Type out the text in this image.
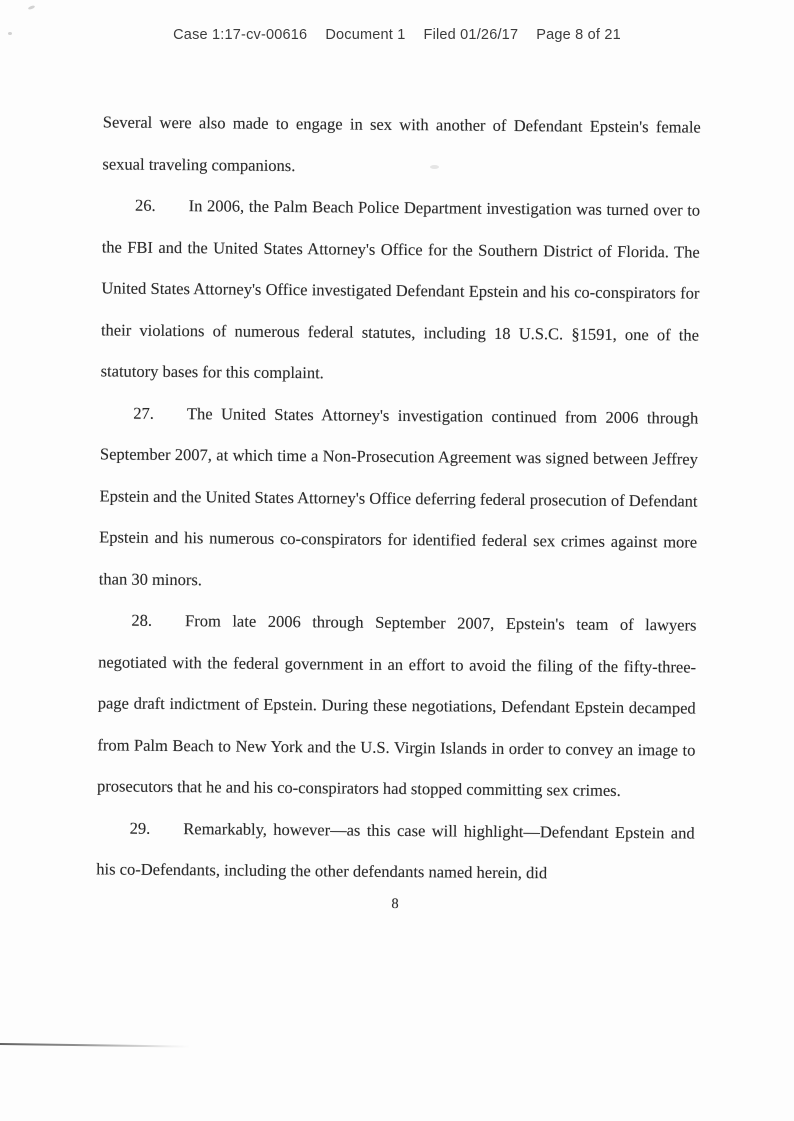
Case 1:17-cv-00616 Document 1 Filed 01/26/17 Page 8 of 21

Several were also made to engage in sex with another of Defendant Epstein's female sexual traveling companions.

26. In 2006, the Palm Beach Police Department investigation was turned over to the FBI and the United States Attorney's Office for the Southern District of Florida. The United States Attorney's Office investigated Defendant Epstein and his co-conspirators for their violations of numerous federal statutes, including 18 U.S.C. §1591, one of the statutory bases for this complaint.

27. The United States Attorney's investigation continued from 2006 through September 2007, at which time a Non-Prosecution Agreement was signed between Jeffrey Epstein and the United States Attorney's Office deferring federal prosecution of Defendant Epstein and his numerous co-conspirators for identified federal sex crimes against more than 30 minors.

28. From late 2006 through September 2007, Epstein's team of lawyers negotiated with the federal government in an effort to avoid the filing of the fifty-three-page draft indictment of Epstein. During these negotiations, Defendant Epstein decamped from Palm Beach to New York and the U.S. Virgin Islands in order to convey an image to prosecutors that he and his co-conspirators had stopped committing sex crimes.

29. Remarkably, however—as this case will highlight—Defendant Epstein and his co-Defendants, including the other defendants named herein, did

8
